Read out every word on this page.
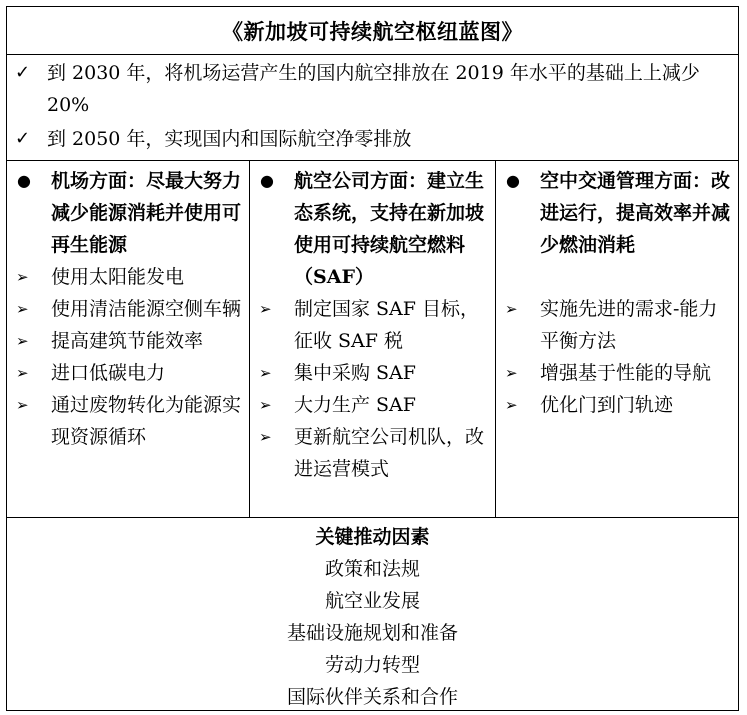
《新加坡可持续航空枢纽蓝图》
✓ 到 2030 年，将机场运营产生的国内航空排放在 2019 年水平的基础上上减少 20%
✓ 到 2050 年，实现国内和国际航空净零排放
● 机场方面：尽最大努力减少能源消耗并使用可再生能源
➢ 使用太阳能发电
➢ 使用清洁能源空侧车辆
➢ 提高建筑节能效率
➢ 进口低碳电力
➢ 通过废物转化为能源实现资源循环
● 航空公司方面：建立生态系统，支持在新加坡使用可持续航空燃料（SAF）
➢ 制定国家 SAF 目标，征收 SAF 税
➢ 集中采购 SAF
➢ 大力生产 SAF
➢ 更新航空公司机队，改进运营模式
● 空中交通管理方面：改进运行，提高效率并减少燃油消耗
➢ 实施先进的需求-能力平衡方法
➢ 增强基于性能的导航
➢ 优化门到门轨迹
关键推动因素
政策和法规
航空业发展
基础设施规划和准备
劳动力转型
国际伙伴关系和合作
